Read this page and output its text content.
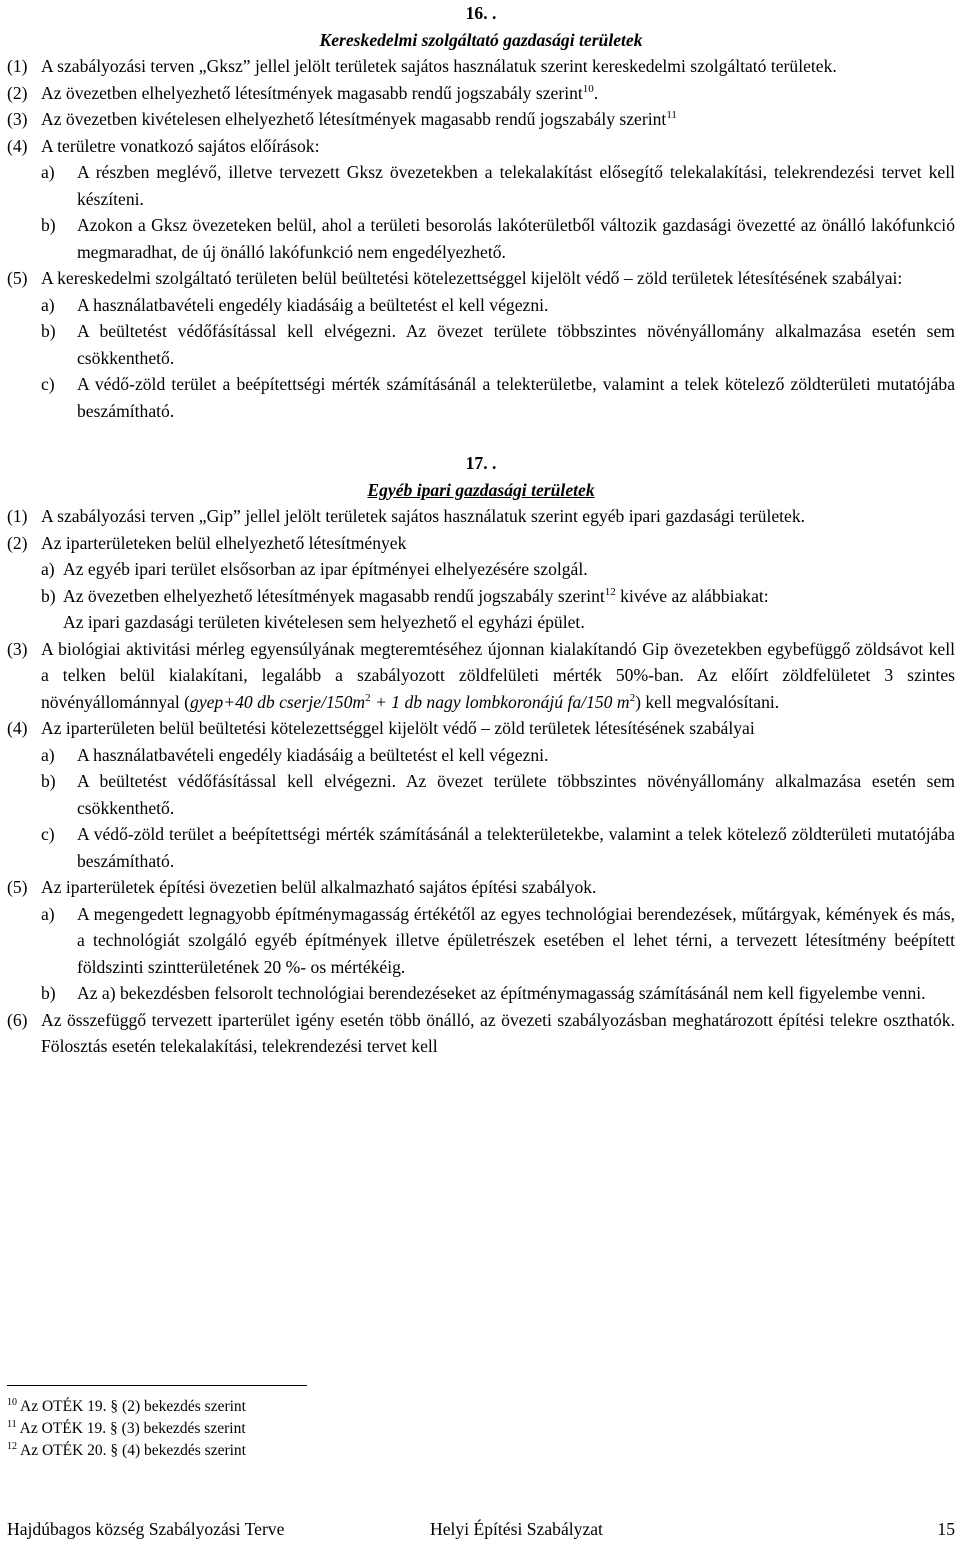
16. .

Kereskedelmi szolgáltató gazdasági területek

(1) A szabályozási terven „Gksz” jellel jelölt területek sajátos használatuk szerint kereskedelmi szolgáltató területek.
(2) Az övezetben elhelyezhető létesítmények magasabb rendű jogszabály szerint$^{10}$.
(3) Az övezetben kivételesen elhelyezhető létesítmények magasabb rendű jogszabály szerint$^{11}$
(4) A területre vonatkozó sajátos előírások:
a) A részben meglévő, illetve tervezett Gksz övezetekben a telekalakítást elősegítő telekalakítási, telekrendezési tervet kell készíteni.
b) Azokon a Gksz övezeteken belül, ahol a területi besorolás lakóterületből változik gazdasági övezetté az önálló lakófunkció megmaradhat, de új önálló lakófunkció nem engedélyezhető.
(5) A kereskedelmi szolgáltató területen belül beültetési kötelezettséggel kijelölt védő – zöld területek létesítésének szabályai:
a) A használatbavételi engedély kiadásáig a beültetést el kell végezni.
b) A beültetést védőfásítással kell elvégezni. Az övezet területe többszintes növényállomány alkalmazása esetén sem csökkenthető.
c) A védő-zöld terület a beépítettségi mérték számításánál a telekterületbe, valamint a telek kötelező zöldterületi mutatójába beszámítható.

17. .

Egyéb ipari gazdasági területek

(1) A szabályozási terven „Gip” jellel jelölt területek sajátos használatuk szerint egyéb ipari gazdasági területek.
(2) Az iparterületeken belül elhelyezhető létesítmények
a) Az egyéb ipari terület elsősorban az ipar építményei elhelyezésére szolgál.
b) Az övezetben elhelyezhető létesítmények magasabb rendű jogszabály szerint$^{12}$ kivéve az alábbiakat:

Az ipari gazdasági területen kivételesen sem helyezhető el egyházi épület.

(3) A biológiai aktivitási mérleg egyensúlyának megteremtéséhez újonnan kialakítandó Gip övezetekben egybefüggő zöldsávot kell a telken belül kialakítani, legalább a szabályozott zöldfelületi mérték 50%-ban. Az előírt zöldfelületet 3 szintes növényállománnyal (gyep+40 db cserje/$150m^2 + 1$ db nagy lombkoronájú fa/150 $m^2$) kell megvalósítani.
(4) Az iparterületen belül beültetési kötelezettséggel kijelölt védő – zöld területek létesítésének szabályai
a) A használatbavételi engedély kiadásáig a beültetést el kell végezni.
b) A beültetést védőfásítással kell elvégezni. Az övezet területe többszintes növényállomány alkalmazása esetén sem csökkenthető.
c) A védő-zöld terület a beépítettségi mérték számításánál a telekterületekbe, valamint a telek kötelező zöldterületi mutatójába beszámítható.
(5) Az iparterületek építési övezetien belül alkalmazható sajátos építési szabályok.
a) A megengedett legnagyobb építménymagasság értékétől az egyes technológiai berendezések, műtárgyak, kémények és más, a technológiát szolgáló egyéb építmények illetve épületrészek esetében el lehet térni, a tervezett létesítmény beépített földszinti szintterületének 20 %- os mértékéig.
b) Az a) bekezdésben felsorolt technológiai berendezéseket az építménymagasság számításánál nem kell figyelembe venni.
(6) Az összefüggő tervezett iparterület igény esetén több önálló, az övezeti szabályozásban meghatározott építési telekre oszthatók. Fölosztás esetén telekalakítási, telekrendezési tervet kell
$^{10}$ Az OTÉK 19. § (2) bekezdés szerint
$^{11}$ Az OTÉK 19. § (3) bekezdés szerint
$^{12}$ Az OTÉK 20. § (4) bekezdés szerint
Hajdúbagos község Szabályozási Terve	Helyi Építési Szabályzat	15
